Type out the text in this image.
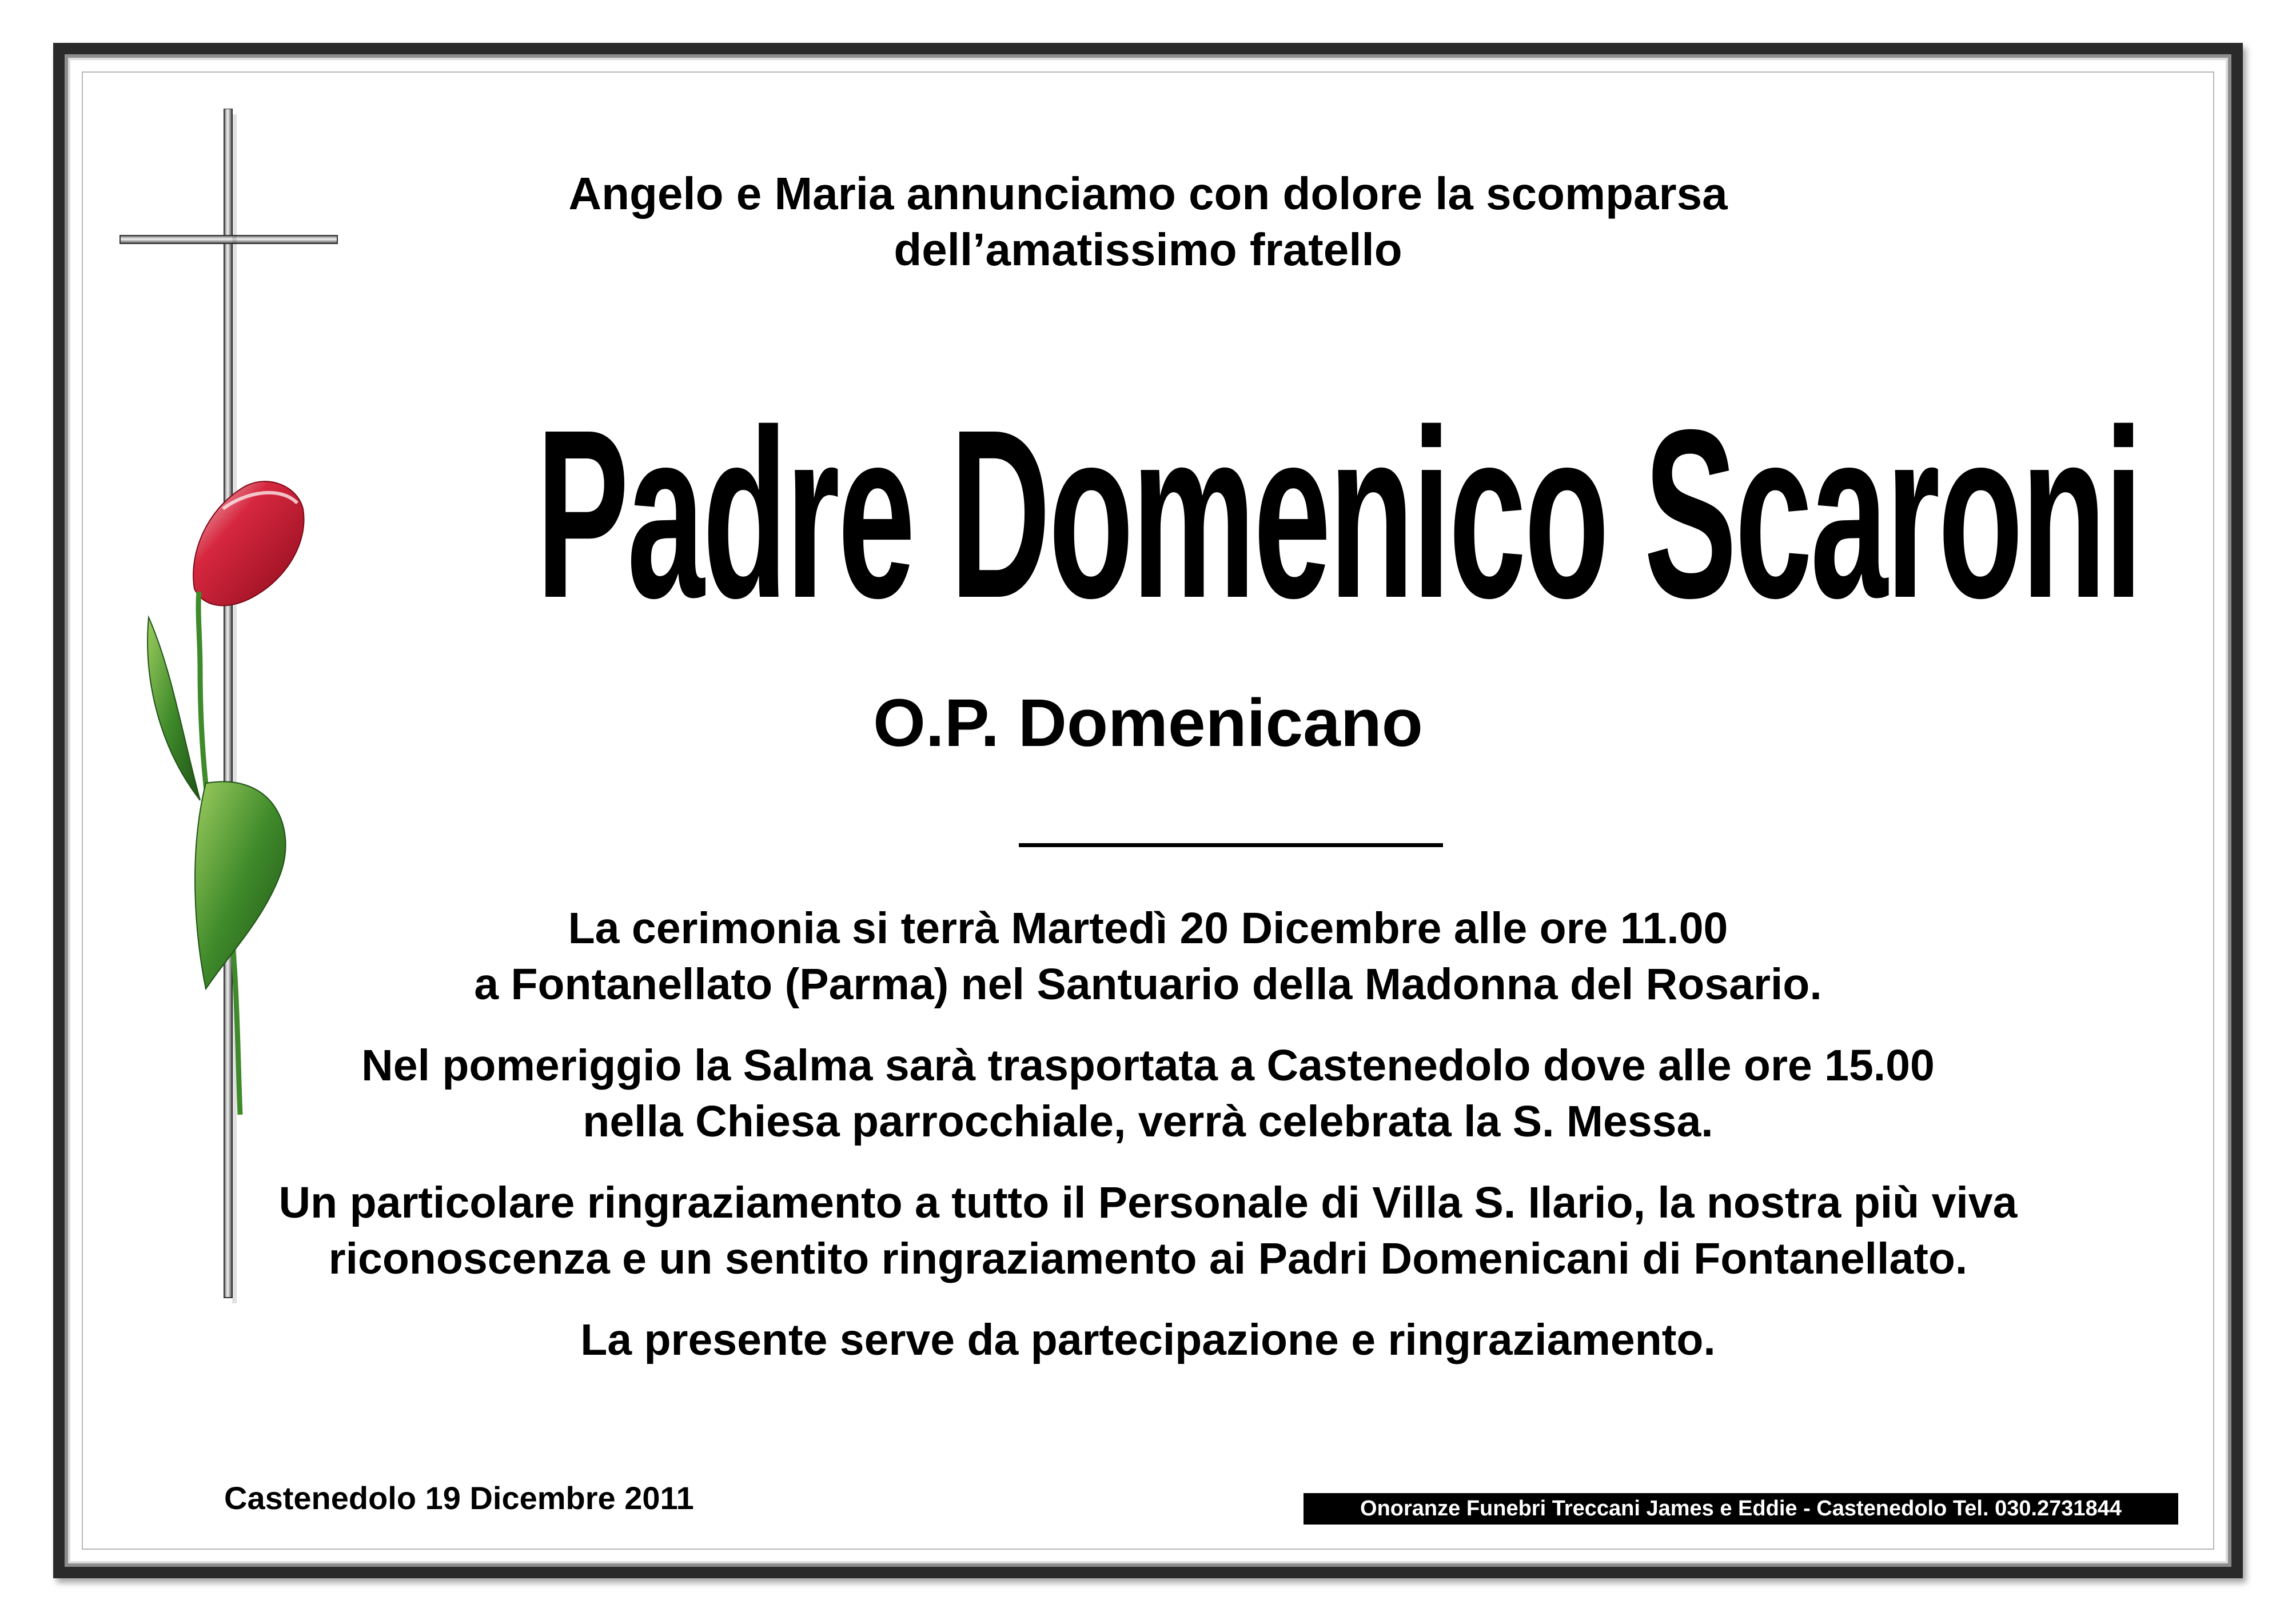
Angelo e Maria annunciamo con dolore la scomparsa
dell’amatissimo fratello
Padre Domenico Scaroni
O.P. Domenicano
La cerimonia si terrà Martedì 20 Dicembre alle ore 11.00
a Fontanellato (Parma) nel Santuario della Madonna del Rosario.
Nel pomeriggio la Salma sarà trasportata a Castenedolo dove alle ore 15.00
nella Chiesa parrocchiale, verrà celebrata la S. Messa.
Un particolare ringraziamento a tutto il Personale di Villa S. Ilario, la nostra più viva
riconoscenza e un sentito ringraziamento ai Padri Domenicani di Fontanellato.
La presente serve da partecipazione e ringraziamento.
Castenedolo 19 Dicembre 2011	Onoranze Funebri Treccani James e Eddie - Castenedolo Tel. 030.2731844
